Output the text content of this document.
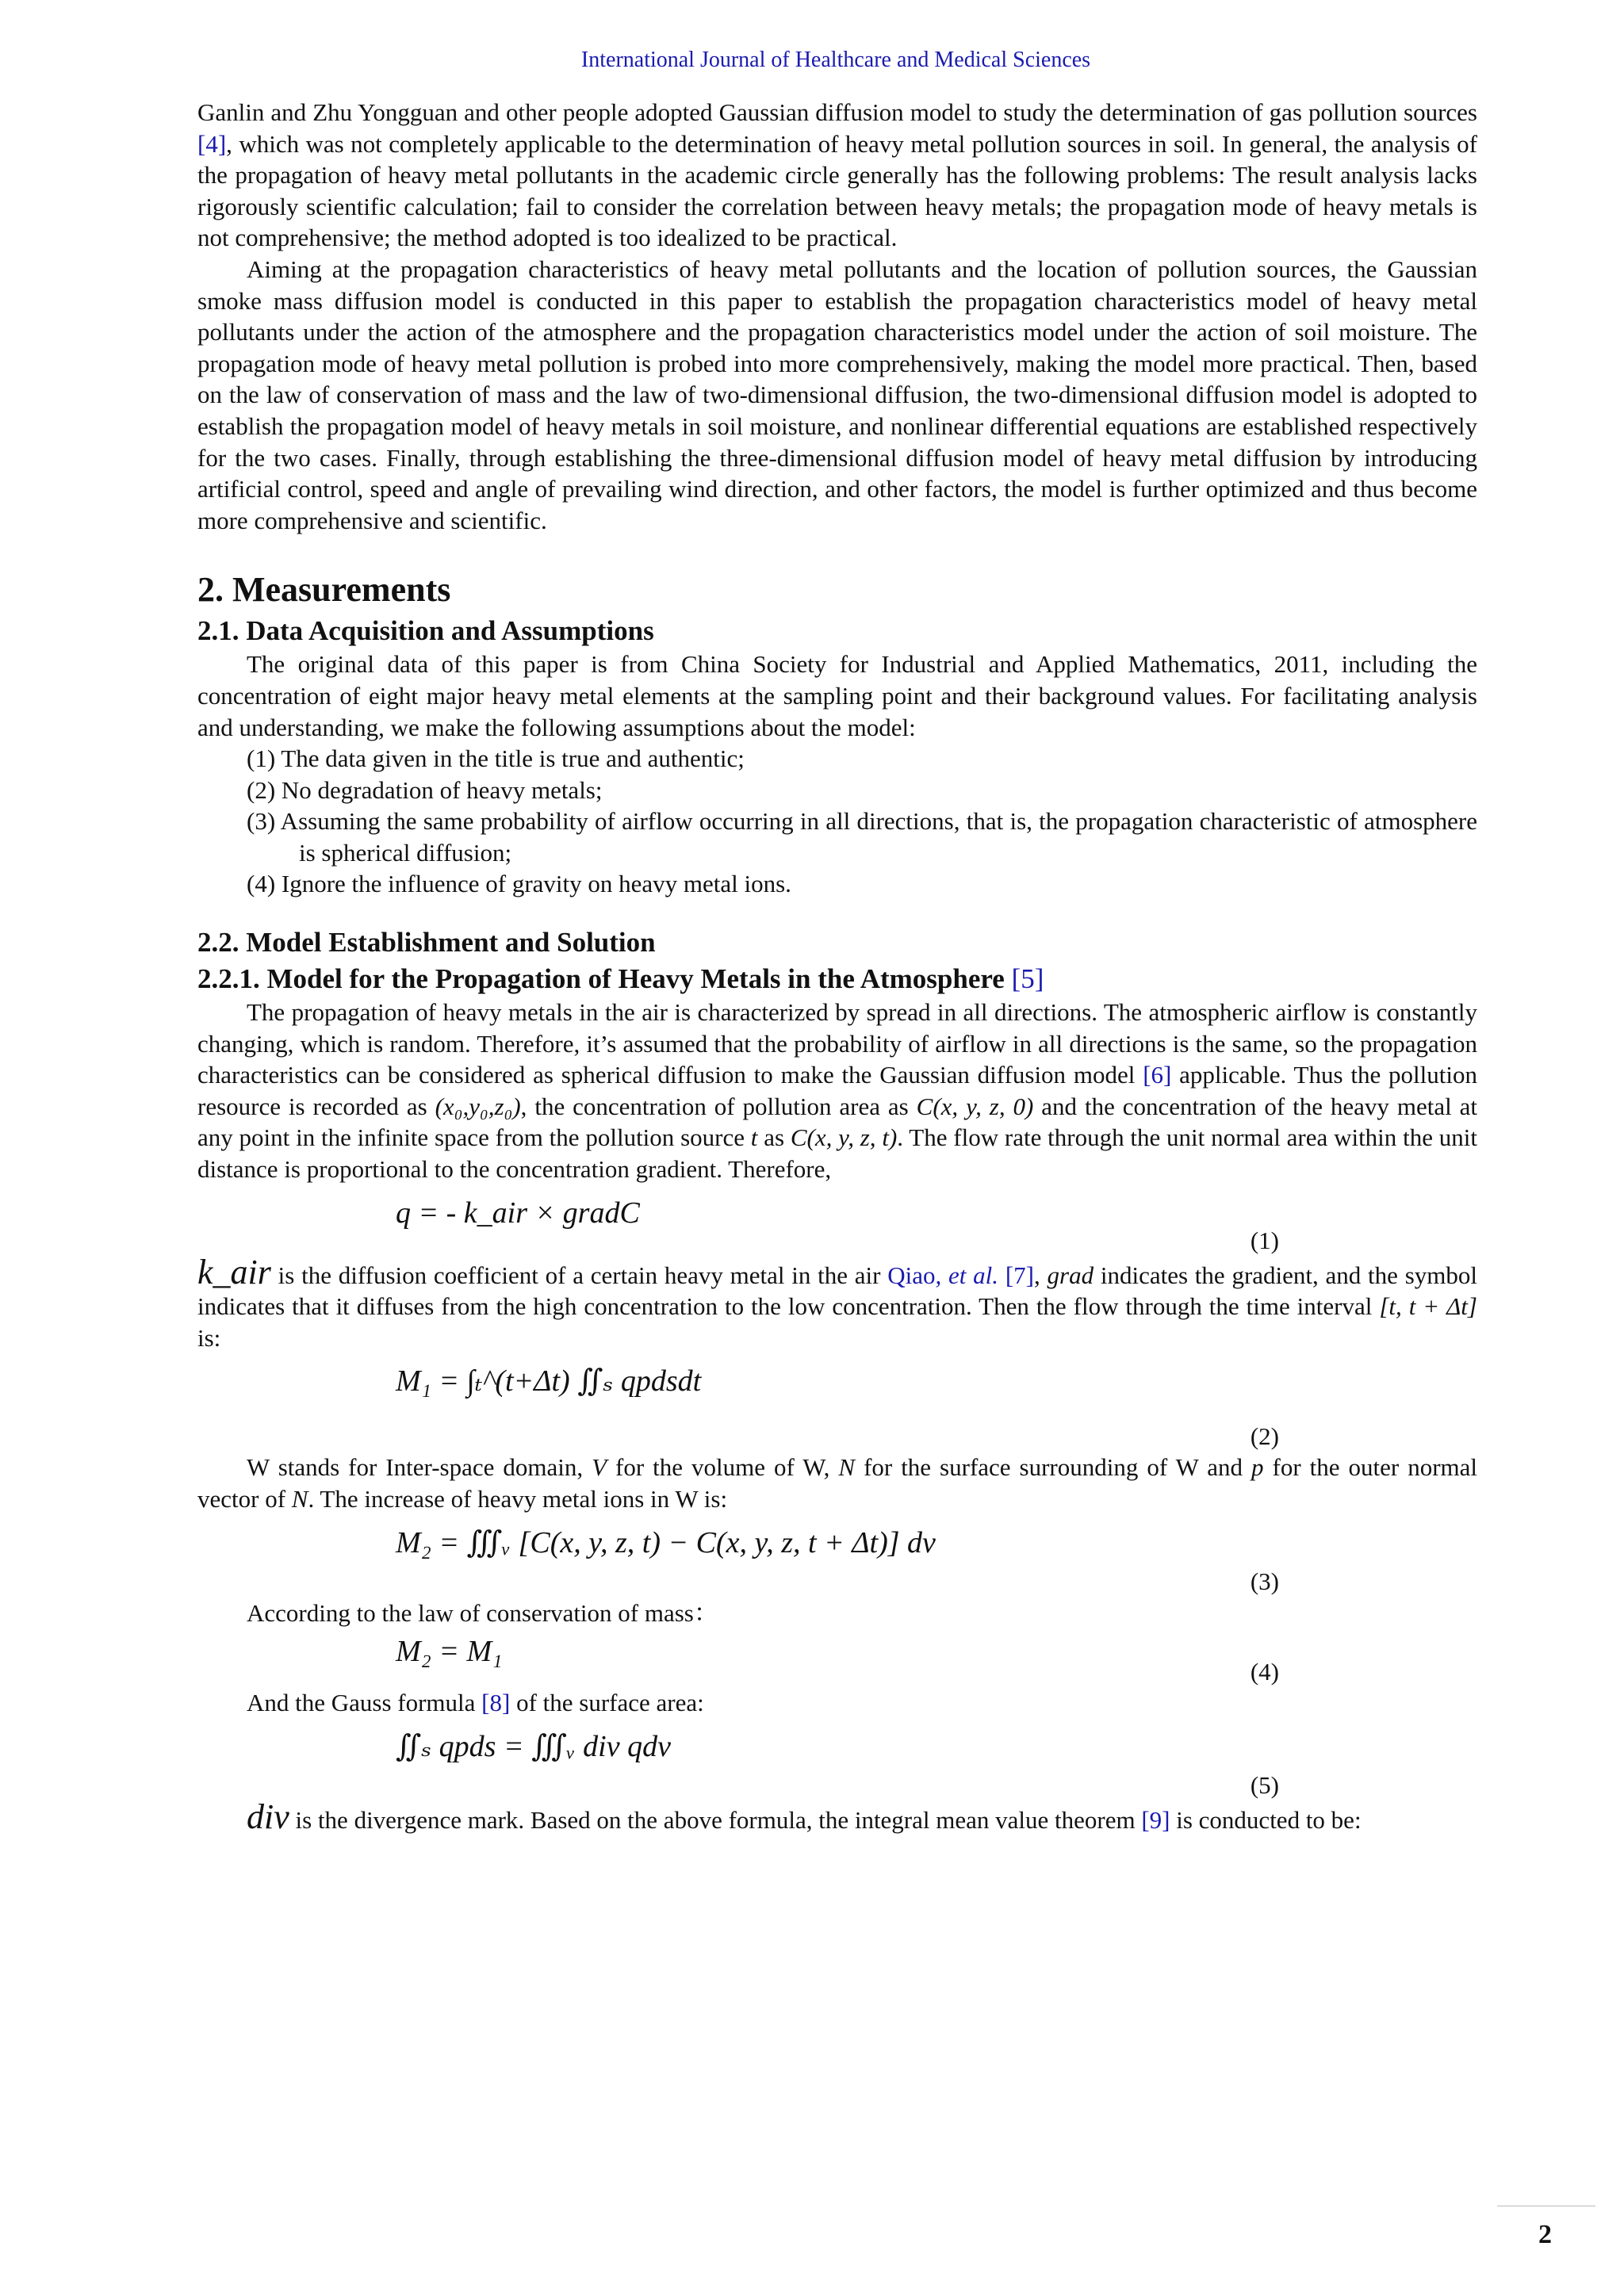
International Journal of Healthcare and Medical Sciences

Ganlin and Zhu Yongguan and other people adopted Gaussian diffusion model to study the determination of gas pollution sources [4], which was not completely applicable to the determination of heavy metal pollution sources in soil. In general, the analysis of the propagation of heavy metal pollutants in the academic circle generally has the following problems: The result analysis lacks rigorously scientific calculation; fail to consider the correlation between heavy metals; the propagation mode of heavy metals is not comprehensive; the method adopted is too idealized to be practical.

Aiming at the propagation characteristics of heavy metal pollutants and the location of pollution sources, the Gaussian smoke mass diffusion model is conducted in this paper to establish the propagation characteristics model of heavy metal pollutants under the action of the atmosphere and the propagation characteristics model under the action of soil moisture. The propagation mode of heavy metal pollution is probed into more comprehensively, making the model more practical. Then, based on the law of conservation of mass and the law of two-dimensional diffusion, the two-dimensional diffusion model is adopted to establish the propagation model of heavy metals in soil moisture, and nonlinear differential equations are established respectively for the two cases. Finally, through establishing the three-dimensional diffusion model of heavy metal diffusion by introducing artificial control, speed and angle of prevailing wind direction, and other factors, the model is further optimized and thus become more comprehensive and scientific.

2. Measurements
2.1. Data Acquisition and Assumptions

The original data of this paper is from China Society for Industrial and Applied Mathematics, 2011, including the concentration of eight major heavy metal elements at the sampling point and their background values. For facilitating analysis and understanding, we make the following assumptions about the model:

(1) The data given in the title is true and authentic;

(2) No degradation of heavy metals;

(3) Assuming the same probability of airflow occurring in all directions, that is, the propagation characteristic of atmosphere is spherical diffusion;

(4) Ignore the influence of gravity on heavy metal ions.

2.2. Model Establishment and Solution
2.2.1. Model for the Propagation of Heavy Metals in the Atmosphere [5]

The propagation of heavy metals in the air is characterized by spread in all directions. The atmospheric airflow is constantly changing, which is random. Therefore, it’s assumed that the probability of airflow in all directions is the same, so the propagation characteristics can be considered as spherical diffusion to make the Gaussian diffusion model [6] applicable. Thus the pollution resource is recorded as (x₀,y₀,z₀), the concentration of pollution area as C(x, y, z, 0) and the concentration of the heavy metal at any point in the infinite space from the pollution source t as C(x, y, z, t). The flow rate through the unit normal area within the unit distance is proportional to the concentration gradient. Therefore,

q = - k_air × gradC
(1)

k_air is the diffusion coefficient of a certain heavy metal in the air Qiao, et al. [7], grad indicates the gradient, and the symbol indicates that it diffuses from the high concentration to the low concentration. Then the flow through the time interval [t, t + Δt] is:

M₁ = ∫ₜ^(t+Δt) ∬ₛ qpdsdt
(2)

W stands for Inter-space domain, V for the volume of W, N for the surface surrounding of W and p for the outer normal vector of N. The increase of heavy metal ions in W is:

M₂ = ∭ᵥ [C(x, y, z, t) − C(x, y, z, t + Δt)] dv
(3)

According to the law of conservation of mass：

M₂ = M₁
(4)

And the Gauss formula [8] of the surface area:

∬ₛ qpds = ∭ᵥ div qdv
(5)

div is the divergence mark. Based on the above formula, the integral mean value theorem [9] is conducted to be:

2
